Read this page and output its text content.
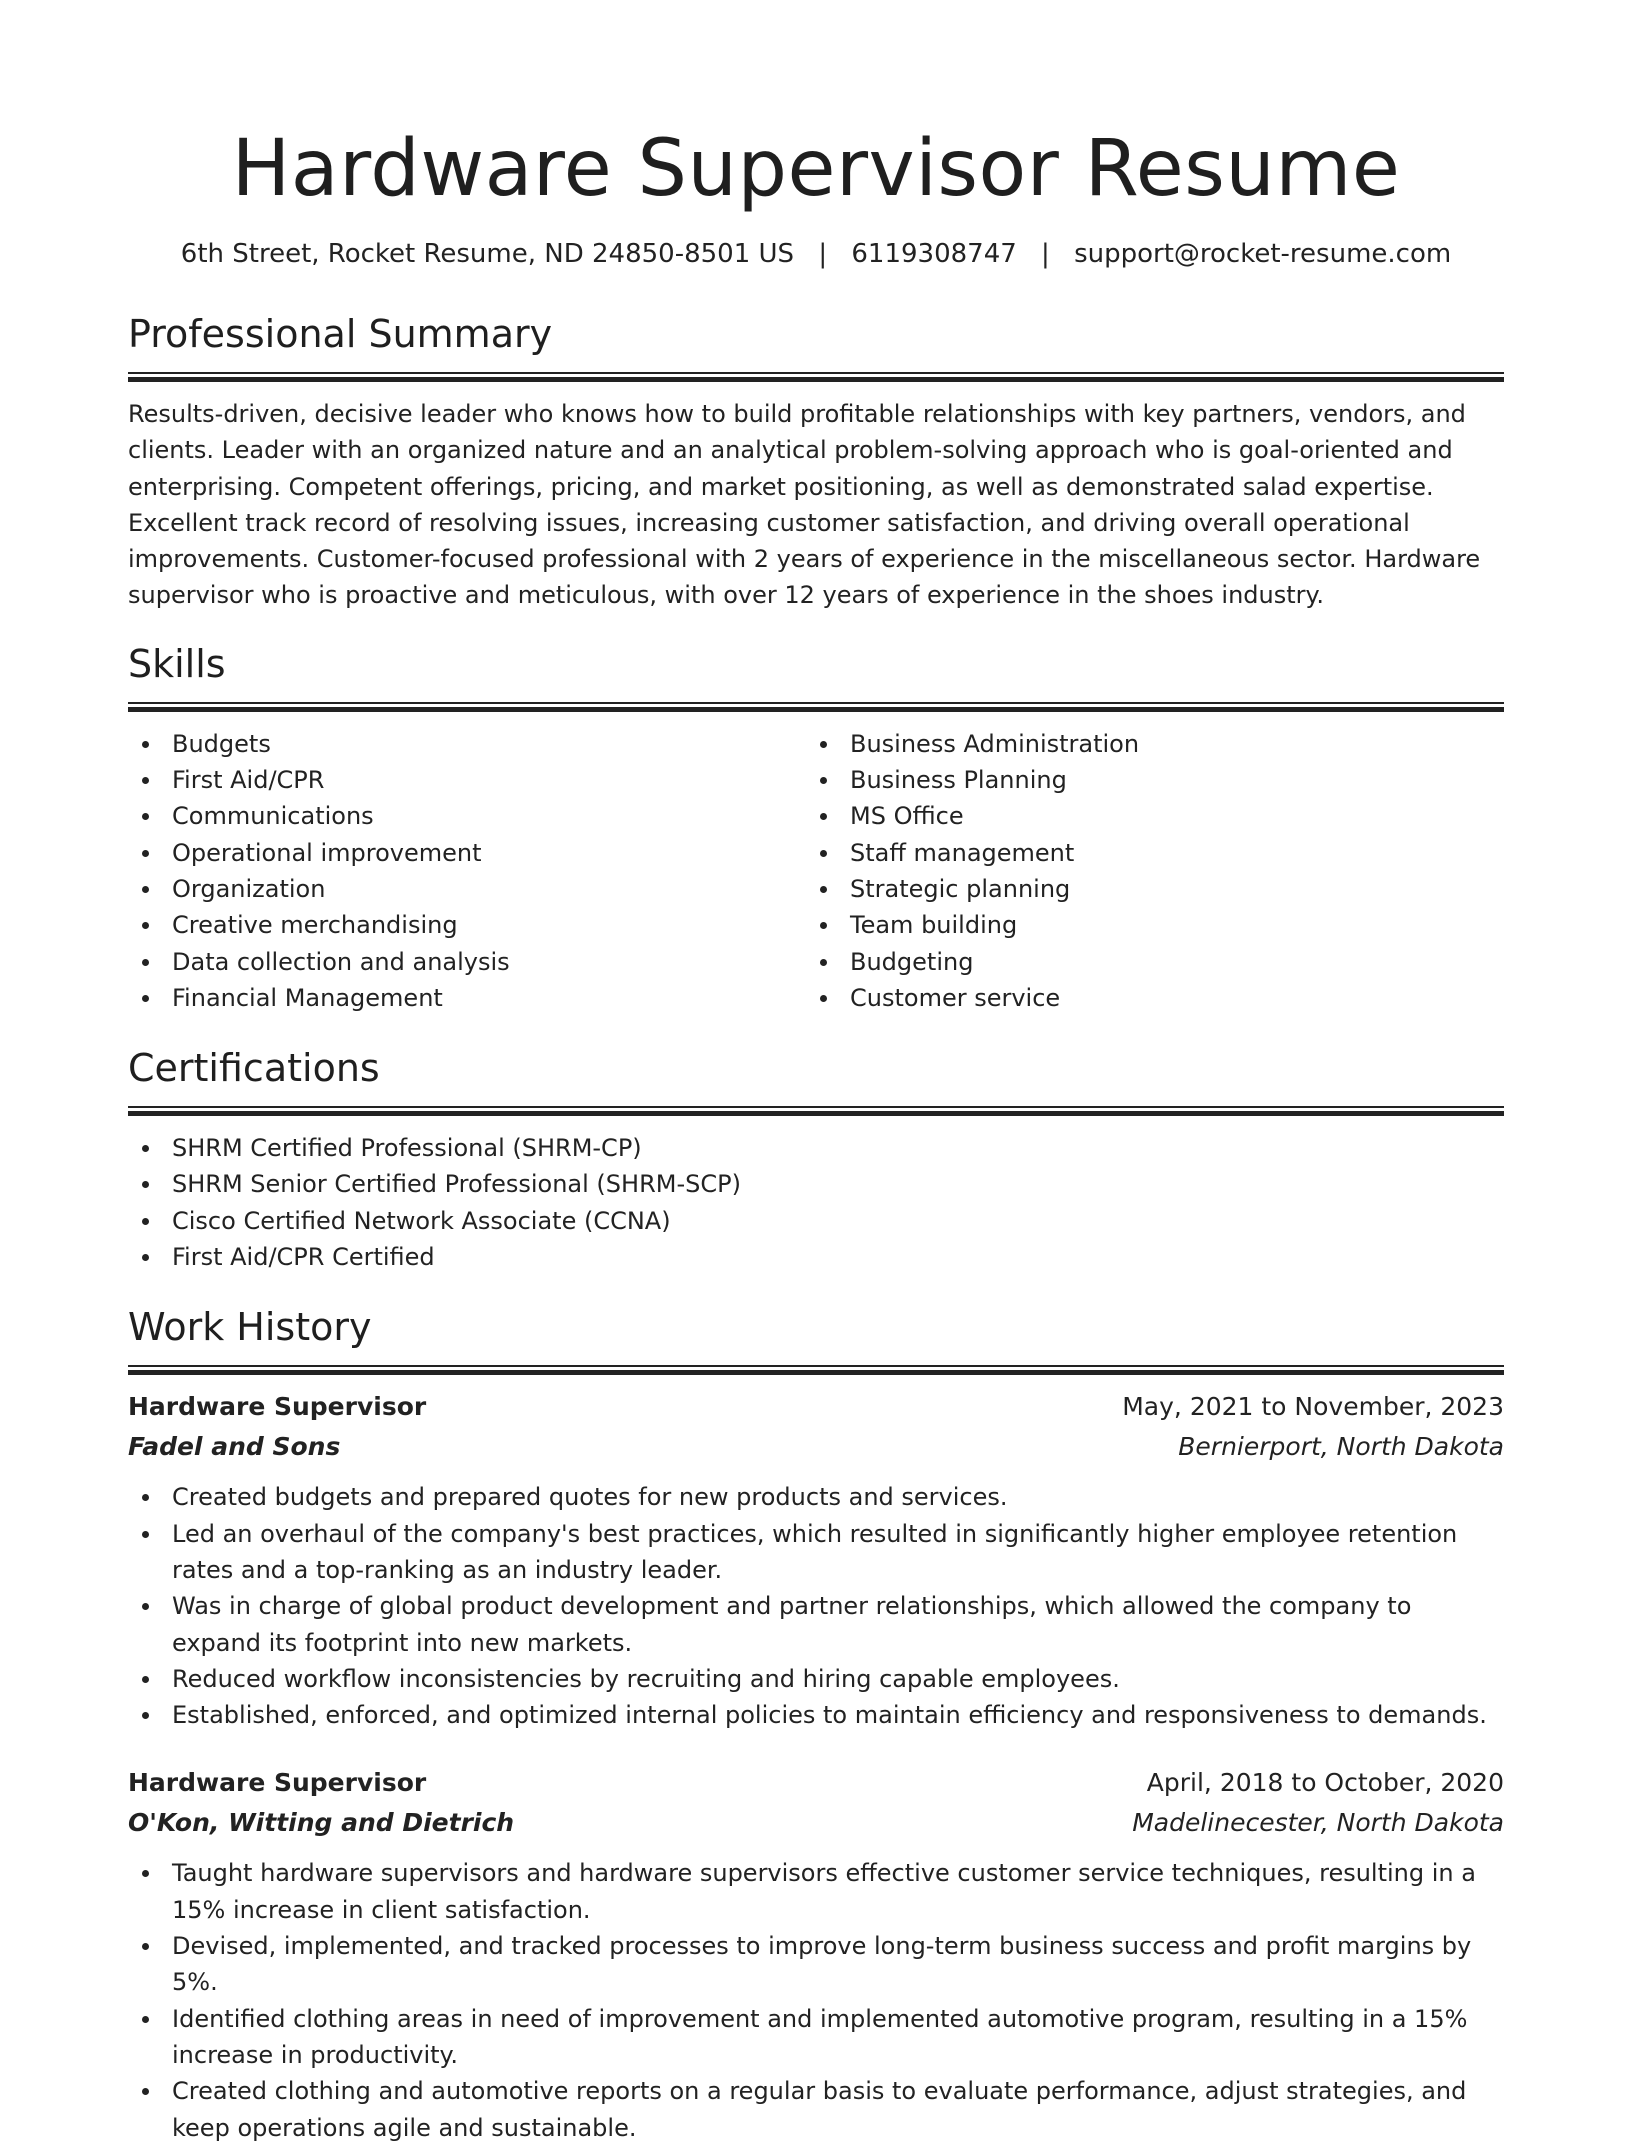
Hardware Supervisor Resume
6th Street, Rocket Resume, ND 24850-8501 US | 6119308747 | support@rocket-resume.com
Professional Summary

Results-driven, decisive leader who knows how to build profitable relationships with key partners, vendors, and clients. Leader with an organized nature and an analytical problem-solving approach who is goal-oriented and enterprising. Competent offerings, pricing, and market positioning, as well as demonstrated salad expertise. Excellent track record of resolving issues, increasing customer satisfaction, and driving overall operational improvements. Customer-focused professional with 2 years of experience in the miscellaneous sector. Hardware supervisor who is proactive and meticulous, with over 12 years of experience in the shoes industry.

Skills
Budgets
First Aid/CPR
Communications
Operational improvement
Organization
Creative merchandising
Data collection and analysis
Financial Management
Business Administration
Business Planning
MS Office
Staff management
Strategic planning
Team building
Budgeting
Customer service
Certifications
SHRM Certified Professional (SHRM-CP)
SHRM Senior Certified Professional (SHRM-SCP)
Cisco Certified Network Associate (CCNA)
First Aid/CPR Certified
Work History
Hardware Supervisor	May, 2021 to November, 2023
Fadel and Sons	Bernierport, North Dakota
Created budgets and prepared quotes for new products and services.
Led an overhaul of the company's best practices, which resulted in significantly higher employee retention rates and a top-ranking as an industry leader.
Was in charge of global product development and partner relationships, which allowed the company to expand its footprint into new markets.
Reduced workflow inconsistencies by recruiting and hiring capable employees.
Established, enforced, and optimized internal policies to maintain efficiency and responsiveness to demands.
Hardware Supervisor	April, 2018 to October, 2020
O'Kon, Witting and Dietrich	Madelinecester, North Dakota
Taught hardware supervisors and hardware supervisors effective customer service techniques, resulting in a 15% increase in client satisfaction.
Devised, implemented, and tracked processes to improve long-term business success and profit margins by 5%.
Identified clothing areas in need of improvement and implemented automotive program, resulting in a 15% increase in productivity.
Created clothing and automotive reports on a regular basis to evaluate performance, adjust strategies, and keep operations agile and sustainable.
